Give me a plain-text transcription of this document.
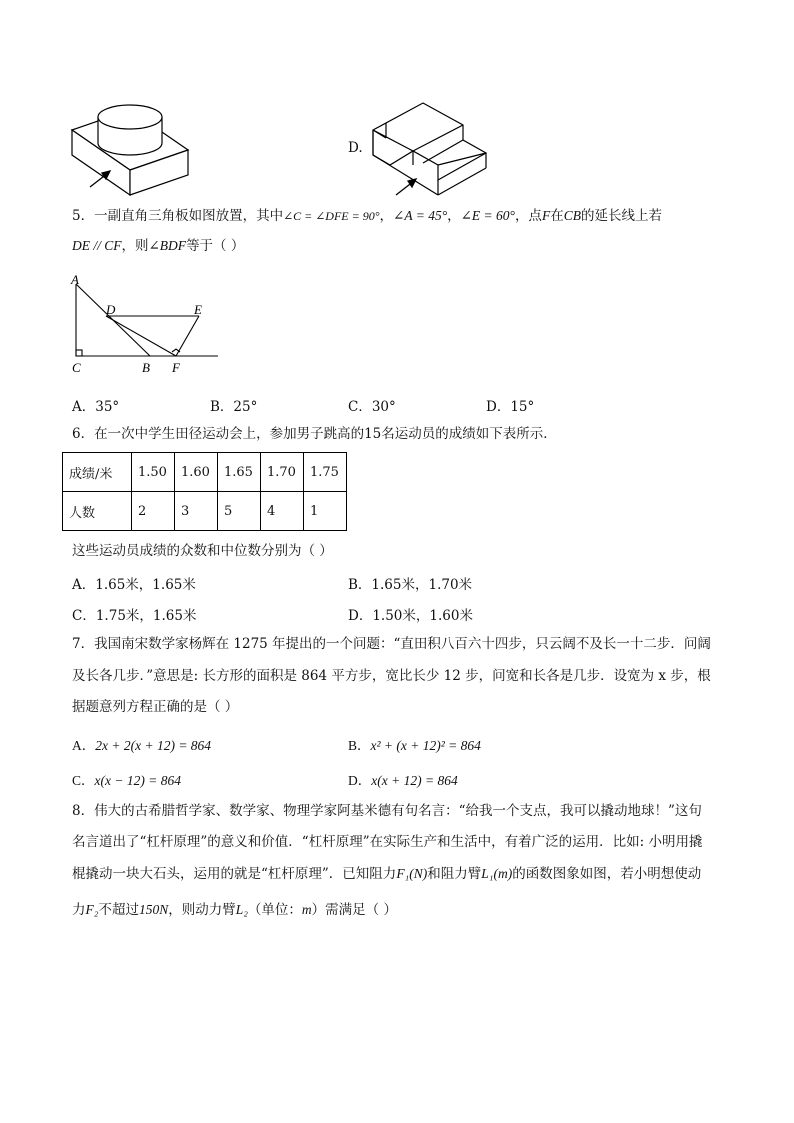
D.
5．一副直角三角板如图放置，其中∠C = ∠DFE = 90°，∠A = 45°，∠E = 60°，点F在CB的延长线上若
DE // CF，则∠BDF等于（ ）
A
D	E
C	B F
A．35°	B．25°	C．30°	D．15°
6．在一次中学生田径运动会上，参加男子跳高的15名运动员的成绩如下表所示．
成绩/米	1.50	1.60	1.65	1.70	1.75
人数	2	3	5	4	1
这些运动员成绩的众数和中位数分别为（ ）
A．1.65米，1.65米	B．1.65米，1.70米
C．1.75米，1.65米	D．1.50米，1.60米
7．我国南宋数学家杨辉在 1275 年提出的一个问题：“直田积八百六十四步，只云阔不及长一十二步．问阔
及长各几步．”意思是: 长方形的面积是 864 平方步，宽比长少 12 步，问宽和长各是几步．设宽为 x 步，根
据题意列方程正确的是（ ）
A．2x + 2(x + 12) = 864	B．x² + (x + 12)² = 864
C．x(x − 12) = 864	D．x(x + 12) = 864
8．伟大的古希腊哲学家、数学家、物理学家阿基米德有句名言：“给我一个支点，我可以撬动地球！”这句
名言道出了“杠杆原理”的意义和价值．“杠杆原理”在实际生产和生活中，有着广泛的运用．比如: 小明用撬
棍撬动一块大石头，运用的就是“杠杆原理”．已知阻力F₁(N)和阻力臂L₁(m)的函数图象如图，若小明想使动
力F₂不超过150N，则动力臂L₂（单位：m）需满足（ ）
